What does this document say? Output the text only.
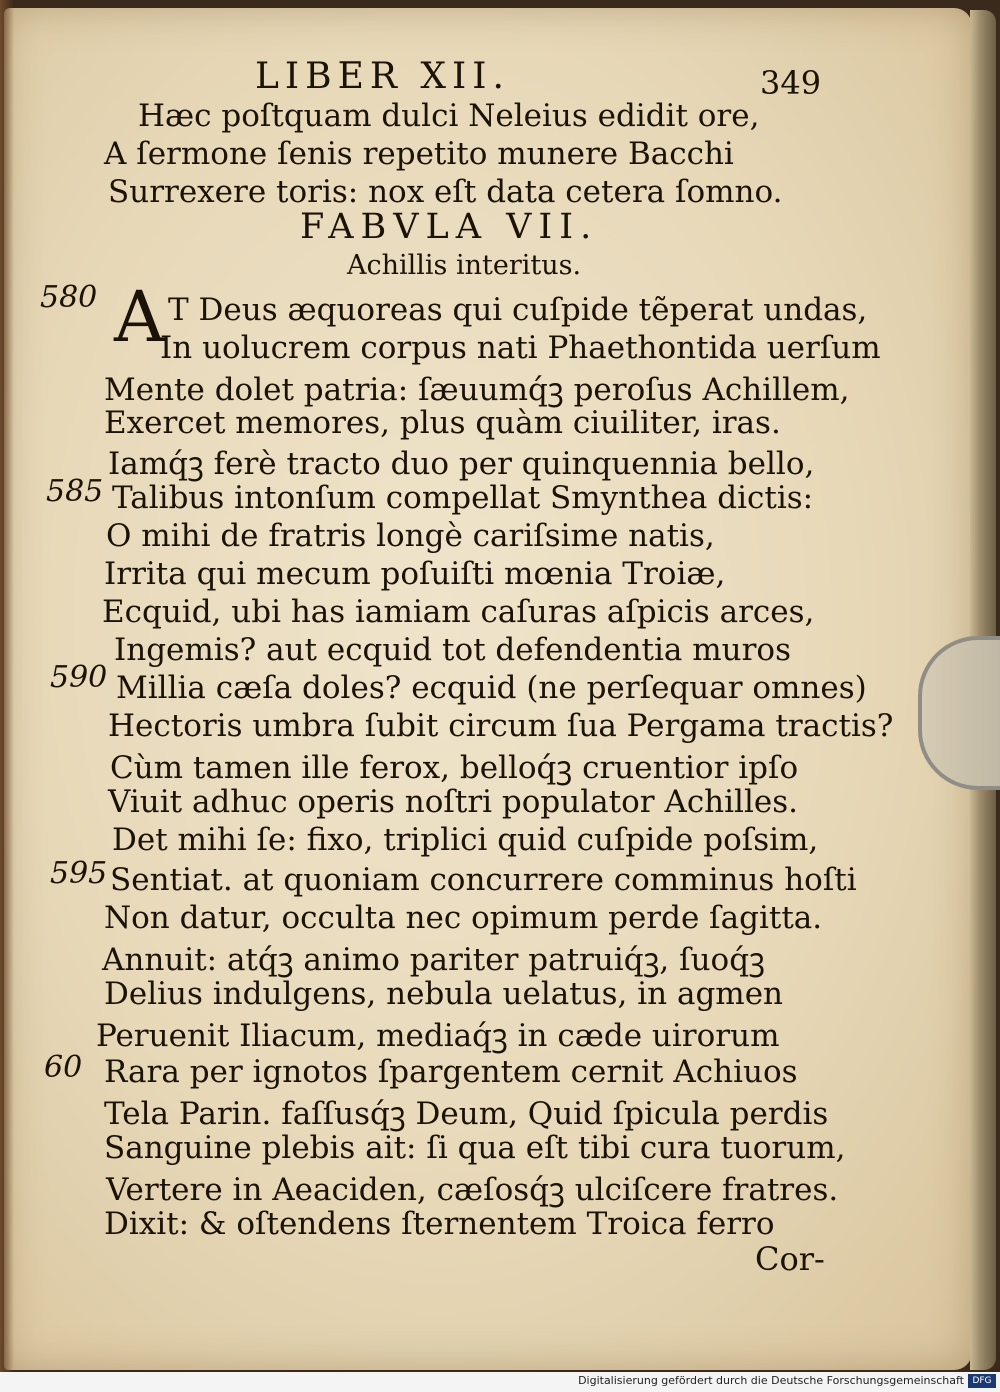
LIBER XII.	349
Hæc poſtquam dulci Neleius edidit ore,
A ſermone ſenis repetito munere Bacchi
Surrexere toris: nox eſt data cetera ſomno.
FABVLA VII.
Achillis interitus.
A T Deus æquoreas qui cuſpide tẽperat undas,
In uolucrem corpus nati Phaethontida uerſum
Mente dolet patria: ſæuumq́ꝫ peroſus Achillem,
Exercet memores, plus quàm ciuiliter, iras.
Iamq́ꝫ ferè tracto duo per quinquennia bello,
Talibus intonſum compellat Smynthea dictis:
O mihi de fratris longè cariſsime natis,
Irrita qui mecum poſuiſti mœnia Troiæ,
Ecquid, ubi has iamiam caſuras aſpicis arces,
Ingemis? aut ecquid tot defendentia muros
Millia cæſa doles? ecquid (ne perſequar omnes)
Hectoris umbra ſubit circum ſua Pergama tractis?
Cùm tamen ille ferox, belloq́ꝫ cruentior ipſo
Viuit adhuc operis noſtri populator Achilles.
Det mihi ſe: fixo, triplici quid cuſpide poſsim,
Sentiat. at quoniam concurrere comminus hoſti
Non datur, occulta nec opimum perde ſagitta.
Annuit: atq́ꝫ animo pariter patruiq́ꝫ, ſuoq́ꝫ
Delius indulgens, nebula uelatus, in agmen
Peruenit Iliacum, mediaq́ꝫ in cæde uirorum
Rara per ignotos ſpargentem cernit Achiuos
Tela Parin. faſſusq́ꝫ Deum, Quid ſpicula perdis
Sanguine plebis ait: ſi qua eſt tibi cura tuorum,
Vertere in Aeaciden, cæſosq́ꝫ ulciſcere fratres.
Dixit: & oſtendens ſternentem Troica ferro
580
585
590
595
60
Cor-
Digitalisierung gefördert durch die Deutsche Forschungsgemeinschaft DFG
